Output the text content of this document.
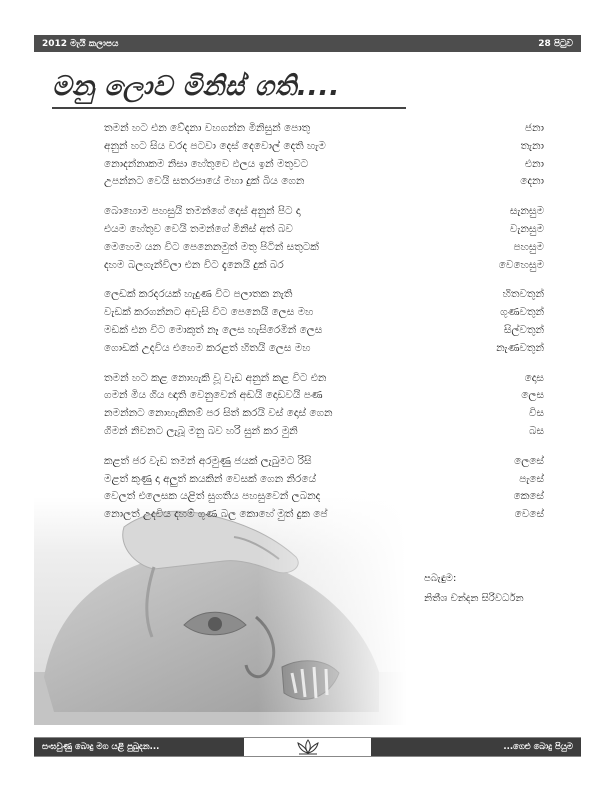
2012 මැයි කලාපය	28 පිටුව
මනු ලොව මිනිස් ගති....
තමන් හට එන වේදනා වහගන්න මිනිසුන් පොතු	ජනා
අනුන් හට සිය වරද පටවා දෙස් දෙවොල් දෙති හැම	තැනා
නොදන්නාකම නිසා හේතුවෙ ඵලය ඉන් මතුවට	එනා
උපන්නට වෙයි සතරපායේ මහා දුක් බිය ගෙන	දෙනා
බොහොම පහසුයි තමන්ගේ දොස් අනුන් පිට දා	සැනසුම
එයම හේතුව වෙයි තමන්ගේ මිනිස් අත් බව	වැනසුම
මෙහෙම යන විට පෙනෙනමුත් මතු පිටින් සතුටක්	පහසුම
දහම බලගැන්විලා එන විට දැනෙයි දුක් බර	වෙහෙසුම
ලෙඩක් කරදරයක් හැදුණ විට පලාතක නැති	හිතවතුන්
වැඩක් කරගන්නට අවැසි විට පෙනෙයි ලෙස මහ	ගුණවතුන්
මඩක් එන විට මොකුත් නෑ ලෙස හැසිරෙමින් ලෙස	සිල්වතුන්
ගොඩක් උදවිය එහෙම කරළත් හිතයි ලෙස මහ	නැණවතුන්
තමන් හට කළ නොහැකි වූ වැඩ අනුන් කළ විට එන	දොස
ගමන් මිය ගිය ඥාති වෙනුවෙන් අඬයි දොඩවයි පණ	ලෙස
නමන්නට නොහැකිනම් පර සිත් කරයි වස් දොස් ගෙන	විස
ගිමන් නිවනට ලැබූ මනු බව හරි සුන් කර මුනි	බස
කළත් ජර වැඩ තමන් අරමුණු ජයක් ලැබුමට රිසි	ලෙසේ
මළත් කුණු දා අලුත් කයකින් වෙසක් ගෙන නිරයේ	පැසේ
වෙලත් එලෙසක යළිත් සුගතිය පහසුවෙන් ලබනද	කෙසේ
නොලත් උදවිය දහම් ගුණ බල කොහේ මුත් දුක පේ	වෙසේ
පබැඳුම:
නිතීශ චන්දන සිරිවර්ධන
සංඝවුණු බොදු මග යළි පුබුදන...	...ගෙළු බොදු පියුම
